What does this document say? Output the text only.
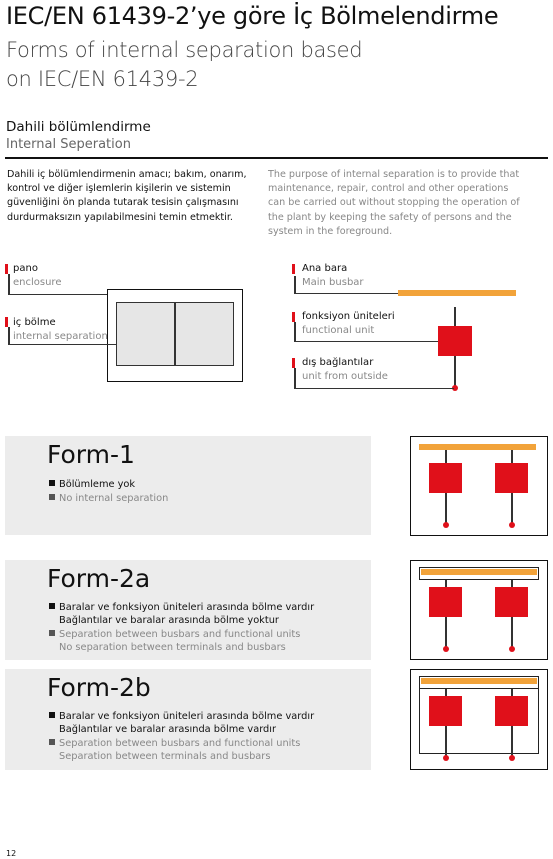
IEC/EN 61439-2’ye göre İç Bölmelendirme
Forms of internal separation based
on IEC/EN 61439-2
Dahili bölümlendirme
Internal Seperation
Dahili iç bölümlendirmenin amacı; bakım, onarım, kontrol ve diğer işlemlerin kişilerin ve sistemin güvenliğini ön planda tutarak tesisin çalışmasını durdurmaksızın yapılabilmesini temin etmektir.
The purpose of internal separation is to provide that maintenance, repair, control and other operations can be carried out without stopping the operation of the plant by keeping the safety of persons and the system in the foreground.
pano
enclosure
iç bölme
internal separation
Ana bara
Main busbar
fonksiyon üniteleri
functional unit
dış bağlantılar
unit from outside
Form-1
Bölümleme yok
No internal separation
Form-2a
Baralar ve fonksiyon üniteleri arasında bölme vardır
Bağlantılar ve baralar arasında bölme yoktur
Separation between busbars and functional units
No separation between terminals and busbars
Form-2b
Baralar ve fonksiyon üniteleri arasında bölme vardır
Bağlantılar ve baralar arasında bölme vardır
Separation between busbars and functional units
Separation between terminals and busbars
12
